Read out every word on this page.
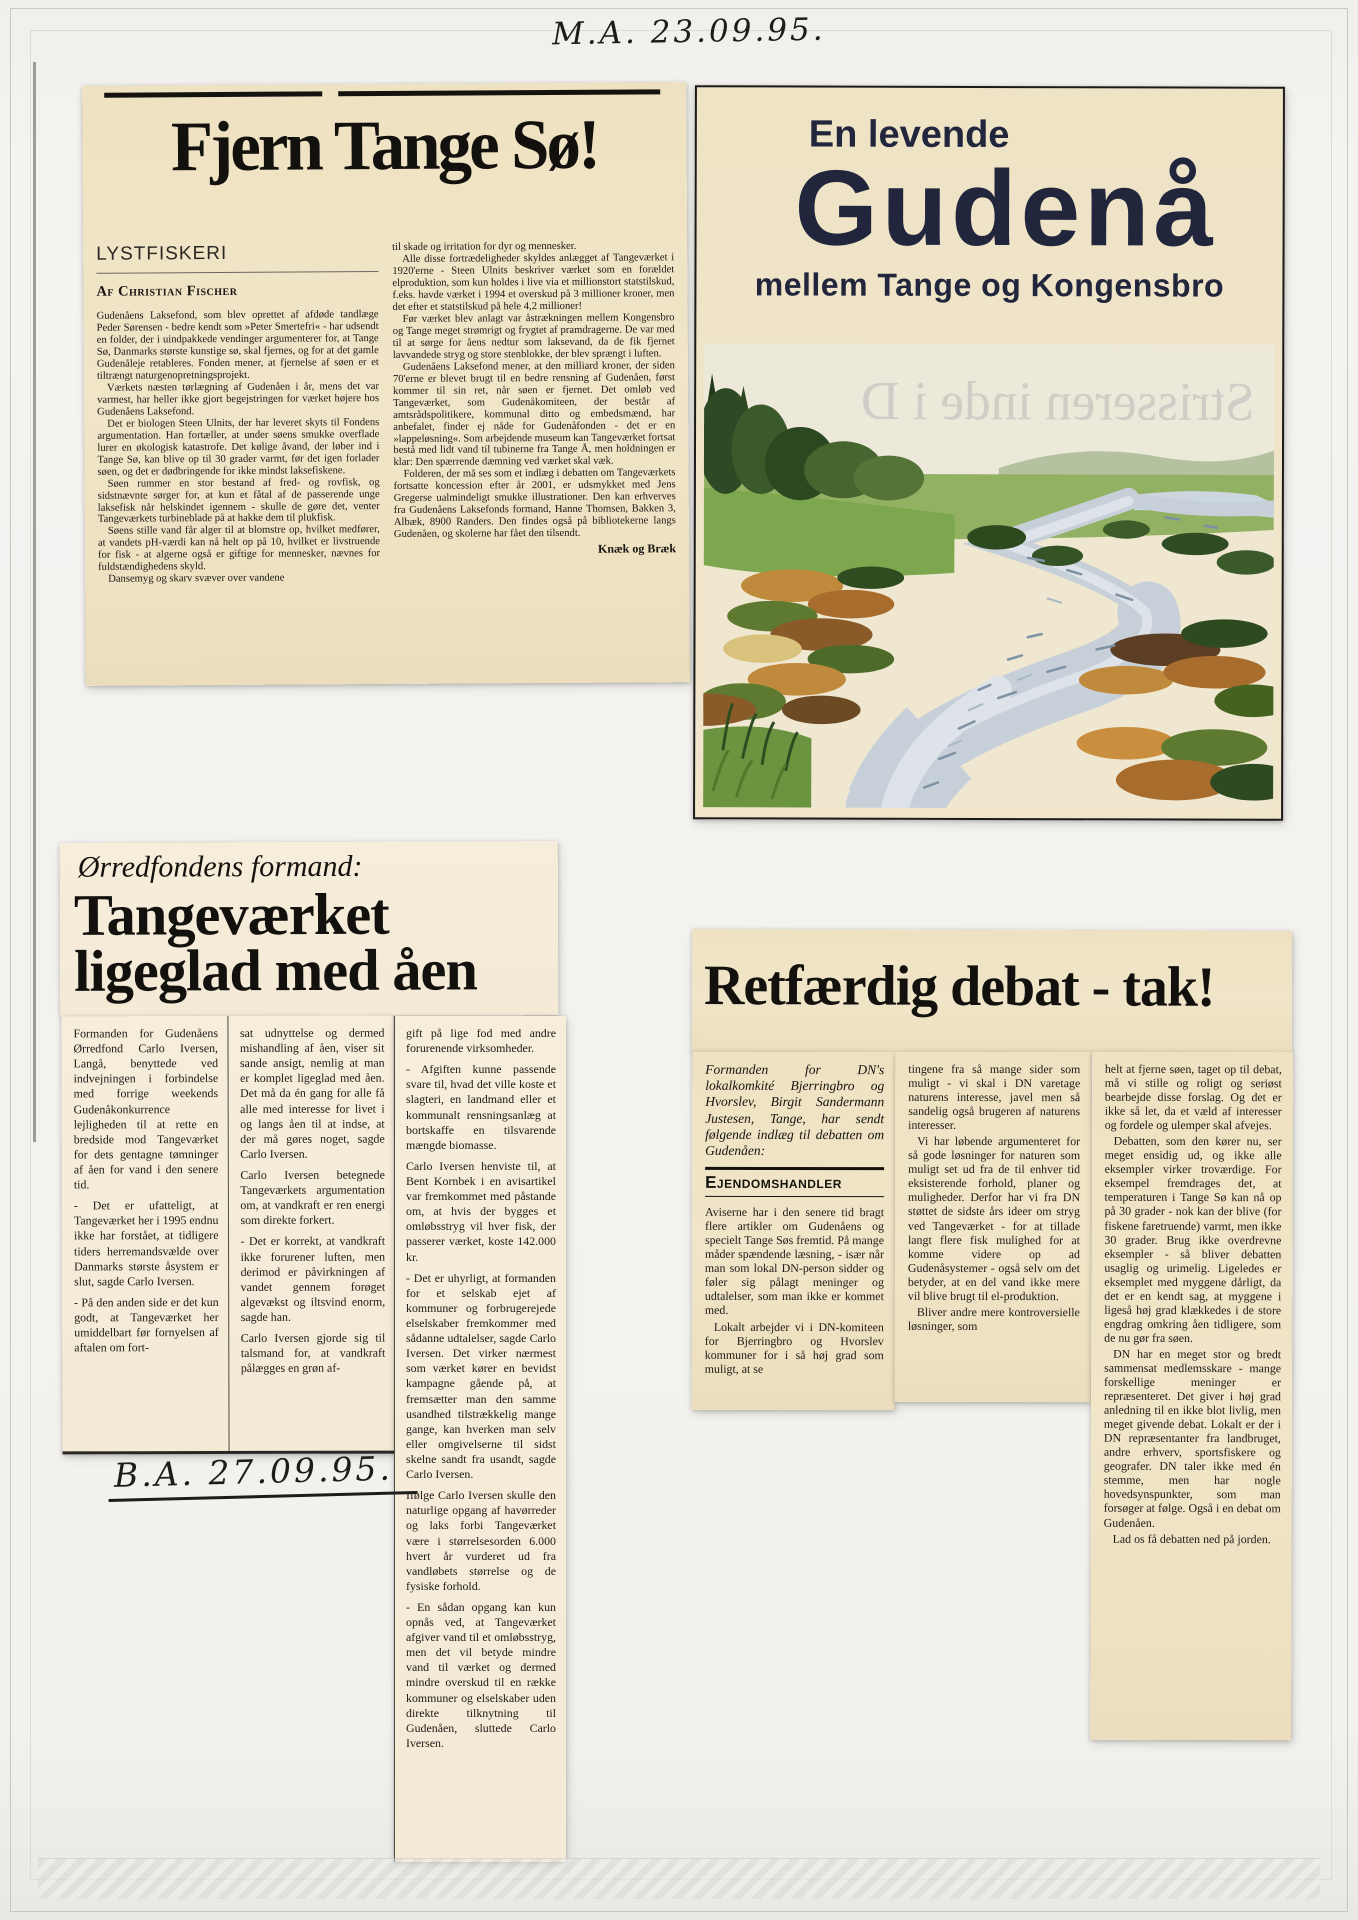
M.A. 23.09.95.
Fjern Tange Sø!
LYSTFISKERI
Af Christian Fischer

Gudenåens Laksefond, som blev oprettet af afdøde tandlæge Peder Sørensen - bedre kendt som »Peter Smertefri« - har udsendt en folder, der i uindpakkede vendinger argumenterer for, at Tange Sø, Danmarks største kunstige sø, skal fjernes, og for at det gamle Gudenåleje retableres. Fonden mener, at fjernelse af søen er et tiltrængt naturgenopretningsprojekt.

Værkets næsten tørlægning af Gudenåen i år, mens det var varmest, har heller ikke gjort begejstringen for værket højere hos Gudenåens Laksefond.

Det er biologen Steen Ulnits, der har leveret skyts til Fondens argumentation. Han fortæller, at under søens smukke overflade lurer en økologisk katastrofe. Det kølige åvand, der løber ind i Tange Sø, kan blive op til 30 grader varmt, før det igen forlader søen, og det er dødbringende for ikke mindst laksefiskene.

Søen rummer en stor bestand af fred- og rovfisk, og sidstnævnte sørger for, at kun et fåtal af de passerende unge laksefisk når helskindet igennem - skulle de gøre det, venter Tangeværkets turbineblade på at hakke dem til plukfisk.

Søens stille vand får alger til at blomstre op, hvilket medfører, at vandets pH-værdi kan nå helt op på 10, hvilket er livstruende for fisk - at algerne også er giftige for mennesker, nævnes for fuldstændighedens skyld.

Dansemyg og skarv svæver over vandene

til skade og irritation for dyr og mennesker.

Alle disse fortrædeligheder skyldes anlægget af Tangeværket i 1920'erne - Steen Ulnits beskriver værket som en forældet elproduktion, som kun holdes i live via et millionstort statstilskud, f.eks. havde værket i 1994 et overskud på 3 millioner kroner, men det efter et statstilskud på hele 4,2 millioner!

Før værket blev anlagt var åstrækningen mellem Kongensbro og Tange meget strømrigt og frygtet af pramdragerne. De var med til at sørge for åens nedtur som laksevand, da de fik fjernet lavvandede stryg og store stenblokke, der blev sprængt i luften.

Gudenåens Laksefond mener, at den milliard kroner, der siden 70'erne er blevet brugt til en bedre rensning af Gudenåen, først kommer til sin ret, når søen er fjernet. Det omløb ved Tangeværket, som Gudenåkomiteen, der består af amtsrådspolitikere, kommunal ditto og embedsmænd, har anbefalet, finder ej nåde for Gudenåfonden - det er en »lappeløsning«. Som arbejdende museum kan Tangeværket fortsat bestå med lidt vand til tubinerne fra Tange Å, men holdningen er klar: Den spærrende dæmning ved værket skal væk.

Folderen, der må ses som et indlæg i debatten om Tangeværkets fortsatte koncession efter år 2001, er udsmykket med Jens Gregerse ualmindeligt smukke illustrationer. Den kan erhverves fra Gudenåens Laksefonds formand, Hanne Thomsen, Bakken 3, Albæk, 8900 Randers. Den findes også på bibliotekerne langs Gudenåen, og skolerne har fået den tilsendt.

Knæk og Bræk
En levende
Gudenå
mellem Tange og Kongensbro
Strisseren inde i D
Ørredfondens formand:
Tangeværket
ligeglad med åen

Formanden for Gudenåens Ørredfond Carlo Iversen, Langå, benyttede ved indvejningen i forbindelse med forrige weekends Gudenåkonkurrence lejligheden til at rette en bredside mod Tangeværket for dets gentagne tømninger af åen for vand i den senere tid.

- Det er ufatteligt, at Tangeværket her i 1995 endnu ikke har forstået, at tidligere tiders herremandsvælde over Danmarks største åsystem er slut, sagde Carlo Iversen.

- På den anden side er det kun godt, at Tangeværket her umiddelbart før fornyelsen af aftalen om fort-

sat udnyttelse og dermed mishandling af åen, viser sit sande ansigt, nemlig at man er komplet ligeglad med åen. Det må da én gang for alle få alle med interesse for livet i og langs åen til at indse, at der må gøres noget, sagde Carlo Iversen.

Carlo Iversen betegnede Tangeværkets argumentation om, at vandkraft er ren energi som direkte forkert.

- Det er korrekt, at vandkraft ikke forurener luften, men derimod er påvirkningen af vandet gennem forøget algevækst og iltsvind enorm, sagde han.

Carlo Iversen gjorde sig til talsmand for, at vandkraft pålægges en grøn af-

gift på lige fod med andre forurenende virksomheder.

- Afgiften kunne passende svare til, hvad det ville koste et slagteri, en landmand eller et kommunalt rensningsanlæg at bortskaffe en tilsvarende mængde biomasse.

Carlo Iversen henviste til, at Bent Kornbek i en avisartikel var fremkommet med påstande om, at hvis der bygges et omløbsstryg vil hver fisk, der passerer værket, koste 142.000 kr.

- Det er uhyrligt, at formanden for et selskab ejet af kommuner og forbrugerejede elselskaber fremkommer med sådanne udtalelser, sagde Carlo Iversen. Det virker nærmest som værket kører en bevidst kampagne gående på, at fremsætter man den samme usandhed tilstrækkelig mange gange, kan hverken man selv eller omgivelserne til sidst skelne sandt fra usandt, sagde Carlo Iversen.

Ifølge Carlo Iversen skulle den naturlige opgang af havørreder og laks forbi Tangeværket være i størrelsesorden 6.000 hvert år vurderet ud fra vandløbets størrelse og de fysiske forhold.

- En sådan opgang kan kun opnås ved, at Tangeværket afgiver vand til et omløbsstryg, men det vil betyde mindre vand til værket og dermed mindre overskud til en række kommuner og elselskaber uden direkte tilknytning til Gudenåen, sluttede Carlo Iversen.

B.A. 27.09.95.
Retfærdig debat - tak!

Formanden for DN's lokalkomkité Bjerringbro og Hvorslev, Birgit Sandermann Justesen, Tange, har sendt følgende indlæg til debatten om Gudenåen:

Ejendomshandler

Aviserne har i den senere tid bragt flere artikler om Gudenåens og specielt Tange Søs fremtid. På mange måder spændende læsning, - især når man som lokal DN-person sidder og føler sig pålagt meninger og udtalelser, som man ikke er kommet med.

Lokalt arbejder vi i DN-komiteen for Bjerringbro og Hvorslev kommuner for i så høj grad som muligt, at se

tingene fra så mange sider som muligt - vi skal i DN varetage naturens interesse, javel men så sandelig også brugeren af naturens interesser.

Vi har løbende argumenteret for så gode løsninger for naturen som muligt set ud fra de til enhver tid eksisterende forhold, planer og muligheder. Derfor har vi fra DN støttet de sidste års ideer om stryg ved Tangeværket - for at tillade langt flere fisk mulighed for at komme videre op ad Gudenåsystemer - også selv om det betyder, at en del vand ikke mere vil blive brugt til el-produktion.

Bliver andre mere kontroversielle løsninger, som

helt at fjerne søen, taget op til debat, må vi stille og roligt og seriøst bearbejde disse forslag. Og det er ikke så let, da et væld af interesser og fordele og ulemper skal afvejes.

Debatten, som den kører nu, ser meget ensidig ud, og ikke alle eksempler virker troværdige. For eksempel fremdrages det, at temperaturen i Tange Sø kan nå op på 30 grader - nok kan der blive (for fiskene faretruende) varmt, men ikke 30 grader. Brug ikke overdrevne eksempler - så bliver debatten usaglig og urimelig. Ligeledes er eksemplet med myggene dårligt, da det er en kendt sag, at myggene i ligeså høj grad klækkedes i de store engdrag omkring åen tidligere, som de nu gør fra søen.

DN har en meget stor og bredt sammensat medlemsskare - mange forskellige meninger er repræsenteret. Det giver i høj grad anledning til en ikke blot livlig, men meget givende debat. Lokalt er der i DN repræsentanter fra landbruget, andre erhverv, sportsfiskere og geografer. DN taler ikke med én stemme, men har nogle hovedsynspunkter, som man forsøger at følge. Også i en debat om Gudenåen.

Lad os få debatten ned på jorden.
